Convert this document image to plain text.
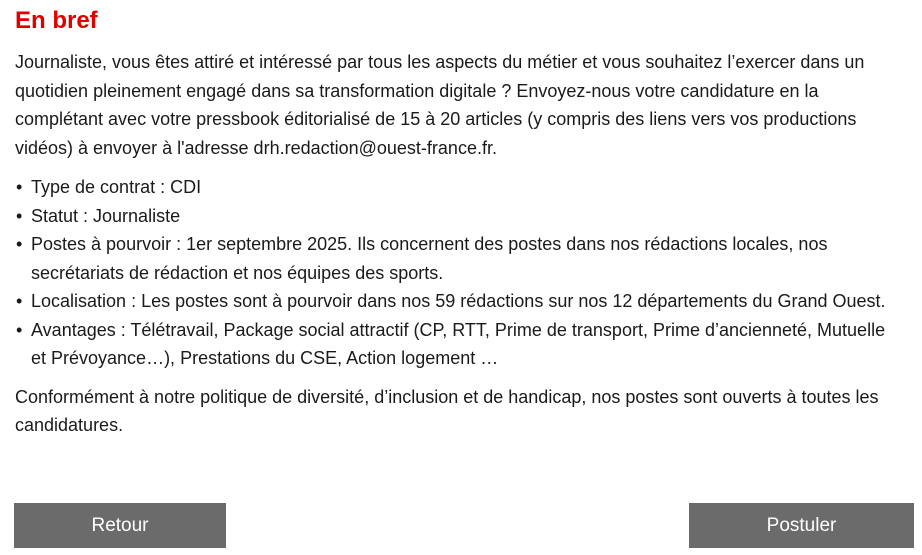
En bref

Journaliste, vous êtes attiré et intéressé par tous les aspects du métier et vous souhaitez l’exercer dans un quotidien pleinement engagé dans sa transformation digitale ? Envoyez-nous votre candidature en la complétant avec votre pressbook éditorialisé de 15 à 20 articles (y compris des liens vers vos productions vidéos) à envoyer à l'adresse drh.redaction@ouest-france.fr.

• Type de contrat : CDI
• Statut : Journaliste
• Postes à pourvoir : 1er septembre 2025. Ils concernent des postes dans nos rédactions locales, nos secrétariats de rédaction et nos équipes des sports.
• Localisation : Les postes sont à pourvoir dans nos 59 rédactions sur nos 12 départements du Grand Ouest.
• Avantages : Télétravail, Package social attractif (CP, RTT, Prime de transport, Prime d’ancienneté, Mutuelle et Prévoyance…), Prestations du CSE, Action logement …

Conformément à notre politique de diversité, d’inclusion et de handicap, nos postes sont ouverts à toutes les candidatures.

Retour	Postuler
